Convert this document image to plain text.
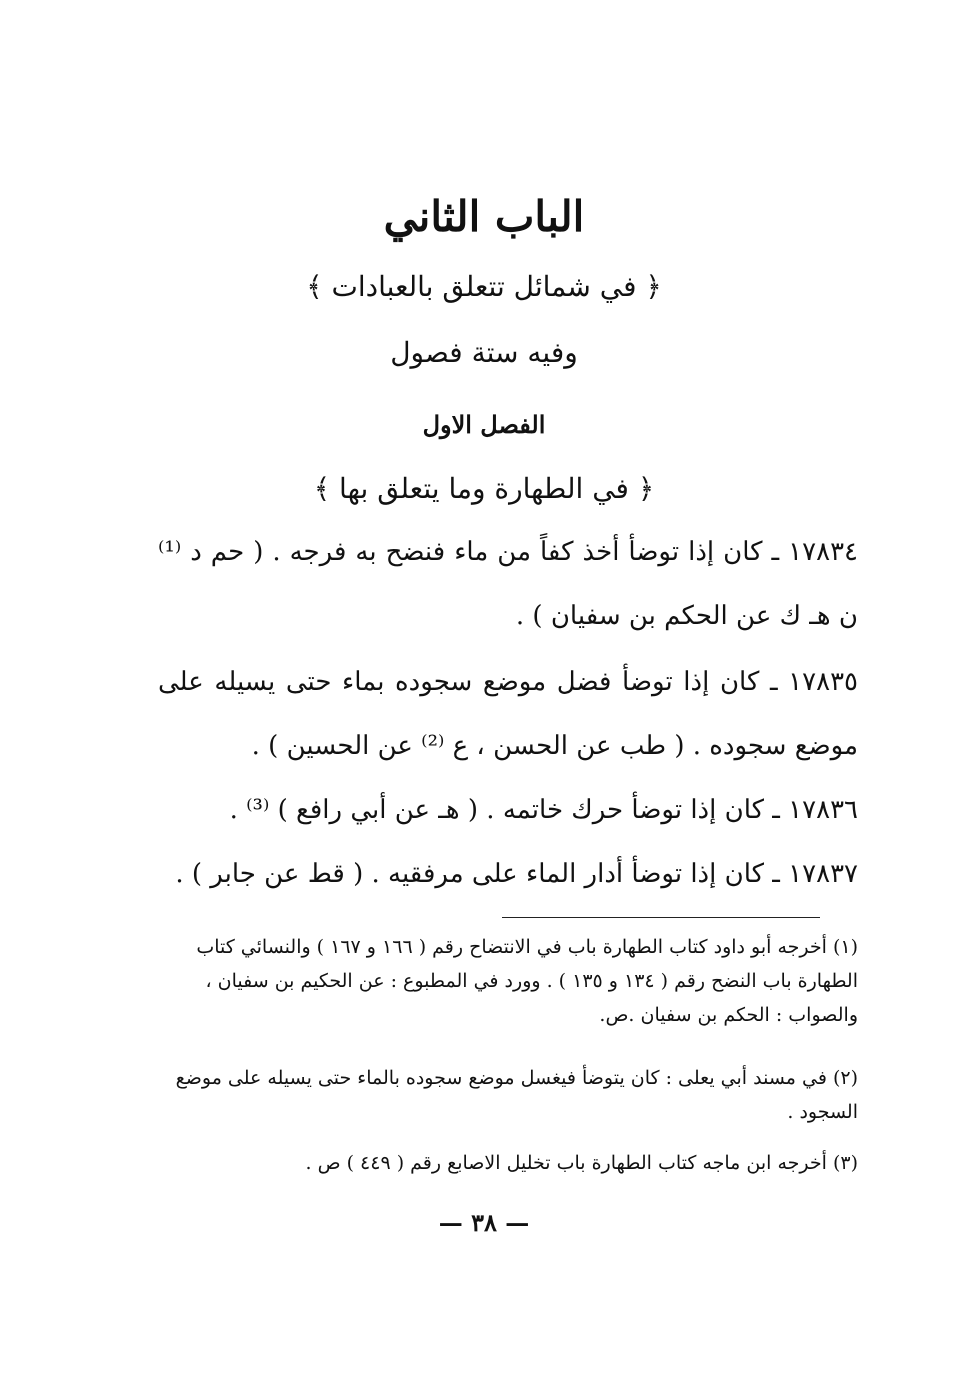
الباب الثاني
﴿ في شمائل تتعلق بالعبادات ﴾
وفيه ستة فصول
الفصل الاول
﴿ في الطهارة وما يتعلق بها ﴾
١٧٨٣٤ ـ كان إذا توضأ أخذ كفاً من ماء فنضح به فرجه . ( حم د ⁽¹⁾ ن هـ ك عن الحكم بن سفيان ) .
١٧٨٣٥ ـ كان إذا توضأ فضل موضع سجوده بماء حتى يسيله على موضع سجوده . ( طب عن الحسن ، ع ⁽²⁾ عن الحسين ) .
١٧٨٣٦ ـ كان إذا توضأ حرك خاتمه . ( هـ عن أبي رافع ) ⁽³⁾ .
١٧٨٣٧ ـ كان إذا توضأ أدار الماء على مرفقيه . ( قط عن جابر ) .
(١) أخرجه أبو داود كتاب الطهارة باب في الانتضاح رقم ( ١٦٦ و ١٦٧ ) والنسائي كتاب الطهارة باب النضح رقم ( ١٣٤ و ١٣٥ ) . وورد في المطبوع : عن الحكيم بن سفيان ، والصواب : الحكم بن سفيان .ص.
(٢) في مسند أبي يعلى : كان يتوضأ فيغسل موضع سجوده بالماء حتى يسيله على موضع السجود .
(٣) أخرجه ابن ماجه كتاب الطهارة باب تخليل الاصابع رقم ( ٤٤٩ ) ص .
— ٣٨ —
